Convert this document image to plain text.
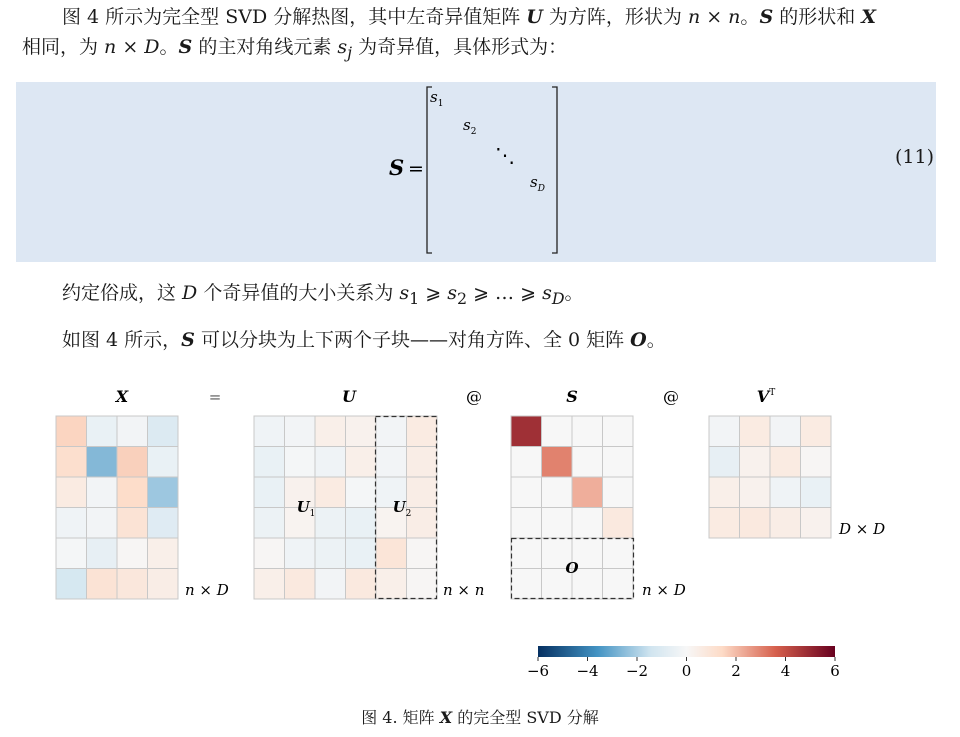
图 4 所示为完全型 SVD 分解热图，其中左奇异值矩阵 U 为方阵，形状为 n × n。S 的形状和 X
相同，为 n × D。S 的主对角线元素 $s_j$ 为奇异值，具体形式为：
S =
$s_1$
$s_2$
⋱
$s_D$
(11)
约定俗成，这 D 个奇异值的大小关系为 $s_1$ ⩾ $s_2$ ⩾ … ⩾ $s_D$。
如图 4 所示，S 可以分块为上下两个子块——对角方阵、全 0 矩阵 O。
X	=	U	@	S	@	$V^T$
$U_1$	$U_2$
O
n × D	n × n	n × D
D × D
−6 −4 −2 0	2	4	6
图 4. 矩阵 X 的完全型 SVD 分解
